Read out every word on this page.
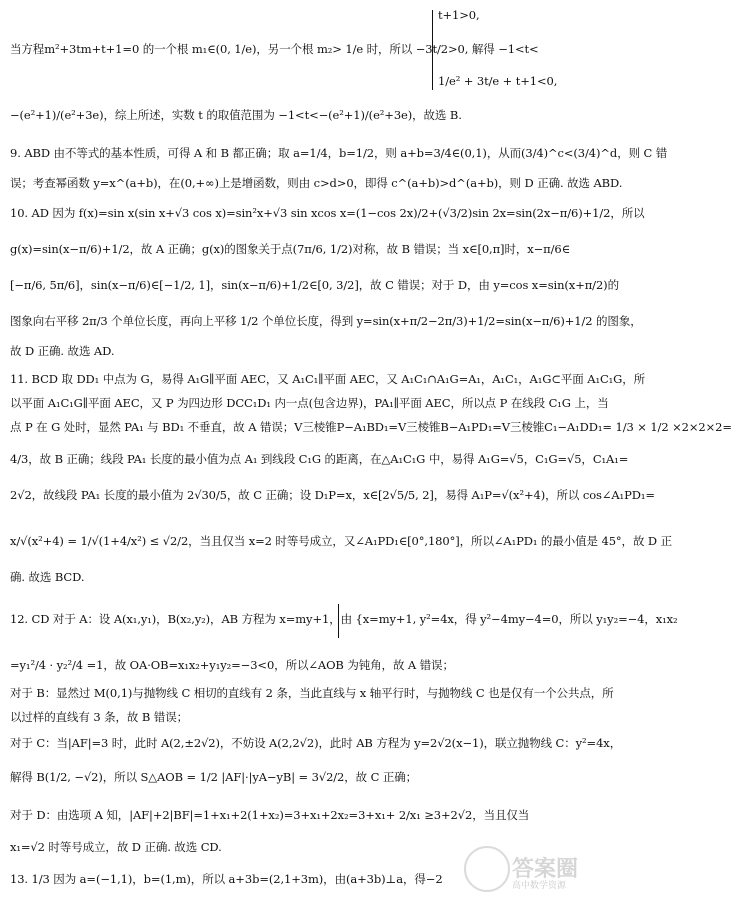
答案圈
高中数学资源
t+1>0,
当方程m²+3tm+t+1=0 的一个根 m₁∈(0, 1/e)，另一个根 m₂> 1/e 时，所以 −3t/2>0, 解得 −1<t<
1/e² + 3t/e + t+1<0,
−(e²+1)/(e²+3e)，综上所述，实数 t 的取值范围为 −1<t<−(e²+1)/(e²+3e)，故选 B.
9. ABD 由不等式的基本性质，可得 A 和 B 都正确；取 a=1/4，b=1/2，则 a+b=3/4∈(0,1)，从而(3/4)^c<(3/4)^d，则 C 错
误；考查幂函数 y=x^(a+b)，在(0,+∞)上是增函数，则由 c>d>0，即得 c^(a+b)>d^(a+b)，则 D 正确. 故选 ABD.
10. AD 因为 f(x)=sin x(sin x+√3 cos x)=sin²x+√3 sin xcos x=(1−cos 2x)/2+(√3/2)sin 2x=sin(2x−π/6)+1/2，所以
g(x)=sin(x−π/6)+1/2，故 A 正确；g(x)的图象关于点(7π/6, 1/2)对称，故 B 错误；当 x∈[0,π]时，x−π/6∈
[−π/6, 5π/6]，sin(x−π/6)∈[−1/2, 1]，sin(x−π/6)+1/2∈[0, 3/2]，故 C 错误；对于 D，由 y=cos x=sin(x+π/2)的
图象向右平移 2π/3 个单位长度，再向上平移 1/2 个单位长度，得到 y=sin(x+π/2−2π/3)+1/2=sin(x−π/6)+1/2 的图象，
故 D 正确. 故选 AD.
11. BCD 取 DD₁ 中点为 G，易得 A₁G∥平面 AEC，又 A₁C₁∥平面 AEC，又 A₁C₁∩A₁G=A₁，A₁C₁，A₁G⊂平面 A₁C₁G，所
以平面 A₁C₁G∥平面 AEC，又 P 为四边形 DCC₁D₁ 内一点(包含边界)，PA₁∥平面 AEC，所以点 P 在线段 C₁G 上，当
点 P 在 G 处时，显然 PA₁ 与 BD₁ 不垂直，故 A 错误；V三棱锥P−A₁BD₁=V三棱锥B−A₁PD₁=V三棱锥C₁−A₁DD₁= 1/3 × 1/2 ×2×2×2=
4/3，故 B 正确；线段 PA₁ 长度的最小值为点 A₁ 到线段 C₁G 的距离，在△A₁C₁G 中，易得 A₁G=√5，C₁G=√5，C₁A₁=
2√2，故线段 PA₁ 长度的最小值为 2√30/5，故 C 正确；设 D₁P=x，x∈[2√5/5, 2]，易得 A₁P=√(x²+4)，所以 cos∠A₁PD₁=
x/√(x²+4) = 1/√(1+4/x²) ≤ √2/2，当且仅当 x=2 时等号成立，又∠A₁PD₁∈[0°,180°]，所以∠A₁PD₁ 的最小值是 45°，故 D 正
确. 故选 BCD.
12. CD 对于 A：设 A(x₁,y₁)，B(x₂,y₂)，AB 方程为 x=my+1，由 {x=my+1, y²=4x，得 y²−4my−4=0，所以 y₁y₂=−4，x₁x₂
=y₁²/4 · y₂²/4 =1，故 OA·OB=x₁x₂+y₁y₂=−3<0，所以∠AOB 为钝角，故 A 错误；
对于 B：显然过 M(0,1)与抛物线 C 相切的直线有 2 条，当此直线与 x 轴平行时，与抛物线 C 也是仅有一个公共点，所
以过样的直线有 3 条，故 B 错误；
对于 C：当|AF|=3 时，此时 A(2,±2√2)，不妨设 A(2,2√2)，此时 AB 方程为 y=2√2(x−1)，联立抛物线 C：y²=4x，
解得 B(1/2, −√2)，所以 S△AOB = 1/2 |AF|·|yA−yB| = 3√2/2，故 C 正确；
对于 D：由选项 A 知，|AF|+2|BF|=1+x₁+2(1+x₂)=3+x₁+2x₂=3+x₁+ 2/x₁ ≥3+2√2，当且仅当
x₁=√2 时等号成立，故 D 正确. 故选 CD.
13. 1/3 因为 a=(−1,1)，b=(1,m)，所以 a+3b=(2,1+3m)，由(a+3b)⊥a，得−2
